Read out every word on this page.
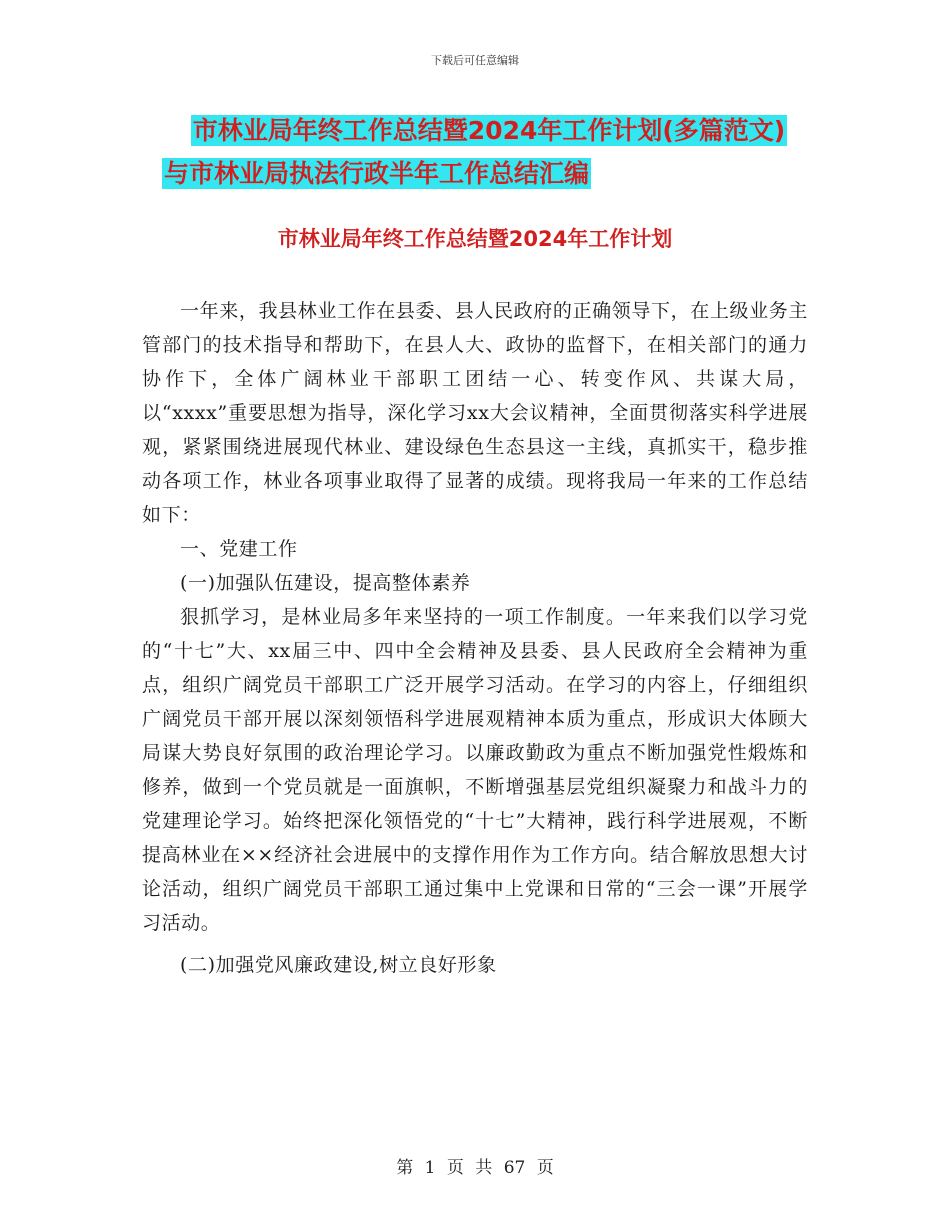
下载后可任意编辑
市林业局年终工作总结暨2024年工作计划(多篇范文)
与市林业局执法行政半年工作总结汇编
市林业局年终工作总结暨2024年工作计划

一年来，我县林业工作在县委、县人民政府的正确领导下，在上级业务主管部门的技术指导和帮助下，在县人大、政协的监督下，在相关部门的通力协作下，全体广阔林业干部职工团结一心、转变作风、共谋大局，以“xxxx”重要思想为指导，深化学习xx大会议精神，全面贯彻落实科学进展观，紧紧围绕进展现代林业、建设绿色生态县这一主线，真抓实干，稳步推动各项工作，林业各项事业取得了显著的成绩。现将我局一年来的工作总结如下：

一、党建工作

(一)加强队伍建设，提高整体素养

狠抓学习，是林业局多年来坚持的一项工作制度。一年来我们以学习党的“十七”大、xx届三中、四中全会精神及县委、县人民政府全会精神为重点，组织广阔党员干部职工广泛开展学习活动。在学习的内容上，仔细组织广阔党员干部开展以深刻领悟科学进展观精神本质为重点，形成识大体顾大局谋大势良好氛围的政治理论学习。以廉政勤政为重点不断加强党性煅炼和修养，做到一个党员就是一面旗帜，不断增强基层党组织凝聚力和战斗力的党建理论学习。始终把深化领悟党的“十七”大精神，践行科学进展观，不断提高林业在××经济社会进展中的支撑作用作为工作方向。结合解放思想大讨论活动，组织广阔党员干部职工通过集中上党课和日常的“三会一课”开展学习活动。

(二)加强党风廉政建设,树立良好形象

第 1 页 共 67 页
